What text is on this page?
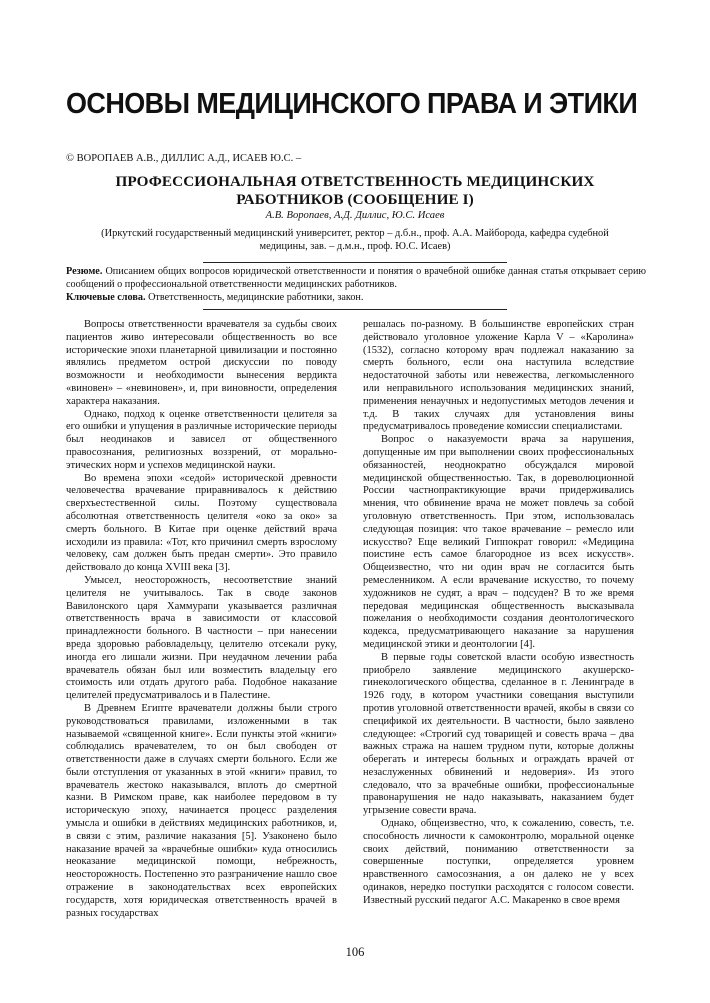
ОСНОВЫ МЕДИЦИНСКОГО ПРАВА И ЭТИКИ
© ВОРОПАЕВ А.В., ДИЛЛИС А.Д., ИСАЕВ Ю.С. –
ПРОФЕССИОНАЛЬНАЯ ОТВЕТСТВЕННОСТЬ МЕДИЦИНСКИХ
РАБОТНИКОВ (СООБЩЕНИЕ I)
А.В. Воропаев, А.Д. Диллис, Ю.С. Исаев
(Иркутский государственный медицинский университет, ректор – д.б.н., проф. А.А. Майборода, кафедра судебной медицины, зав. – д.м.н., проф. Ю.С. Исаев)
Резюме. Описанием общих вопросов юридической ответственности и понятия о врачебной ошибке данная статья открывает серию сообщений о профессиональной ответственности медицинских работников.
Ключевые слова. Ответственность, медицинские работники, закон.

Вопросы ответственности врачевателя за судьбы своих пациентов живо интересовали общественность во все исторические эпохи планетарной цивилизации и постоянно являлись предметом острой дискуссии по поводу возможности и необходимости вынесения вердикта «виновен» – «невиновен», и, при виновности, определения характера наказания.

Однако, подход к оценке ответственности целителя за его ошибки и упущения в различные исторические периоды был неодинаков и зависел от общественного правосознания, религиозных воззрений, от морально-этических норм и успехов медицинской науки.

Во времена эпохи «седой» исторической древности человечества врачевание приравнивалось к действию сверхъестественной силы. Поэтому существовала абсолютная ответственность целителя «око за око» за смерть больного. В Китае при оценке действий врача исходили из правила: «Тот, кто причинил смерть взрослому человеку, сам должен быть предан смерти». Это правило действовало до конца XVIII века [3].

Умысел, неосторожность, несоответствие знаний целителя не учитывалось. Так в своде законов Вавилонского царя Хаммурапи указывается различная ответственность врача в зависимости от классовой принадлежности больного. В частности – при нанесении вреда здоровью рабовладельцу, целителю отсекали руку, иногда его лишали жизни. При неудачном лечении раба врачеватель обязан был или возместить владельцу его стоимость или отдать другого раба. Подобное наказание целителей предусматривалось и в Палестине.

В Древнем Египте врачеватели должны были строго руководствоваться правилами, изложенными в так называемой «священной книге». Если пункты этой «книги» соблюдались врачевателем, то он был свободен от ответственности даже в случаях смерти больного. Если же были отступления от указанных в этой «книги» правил, то врачеватель жестоко наказывался, вплоть до смертной казни. В Римском праве, как наиболее передовом в ту историческую эпоху, начинается процесс разделения умысла и ошибки в действиях медицинских работников, и, в связи с этим, различие наказания [5]. Узаконено было наказание врачей за «врачебные ошибки» куда относились неоказание медицинской помощи, небрежность, неосторожность. Постепенно это разграничение нашло свое отражение в законодательствах всех европейских государств, хотя юридическая ответственность врачей в разных государствах

решалась по-разному. В большинстве европейских стран действовало уголовное уложение Карла V – «Каролина» (1532), согласно которому врач подлежал наказанию за смерть больного, если она наступила вследствие недостаточной заботы или невежества, легкомысленного или неправильного использования медицинских знаний, применения ненаучных и недопустимых методов лечения и т.д. В таких случаях для установления вины предусматривалось проведение комиссии специалистами.

Вопрос о наказуемости врача за нарушения, допущенные им при выполнении своих профессиональных обязанностей, неоднократно обсуждался мировой медицинской общественностью. Так, в дореволюционной России частнопрактикующие врачи придерживались мнения, что обвинение врача не может повлечь за собой уголовную ответственность. При этом, использовалась следующая позиция: что такое врачевание – ремесло или искусство? Еще великий Гиппократ говорил: «Медицина поистине есть самое благородное из всех искусств». Общеизвестно, что ни один врач не согласится быть ремесленником. А если врачевание искусство, то почему художников не судят, а врач – подсуден? В то же время передовая медицинская общественность высказывала пожелания о необходимости создания деонтологического кодекса, предусматривающего наказание за нарушения медицинской этики и деонтологии [4].

В первые годы советской власти особую известность приобрело заявление медицинского акушерско-гинекологического общества, сделанное в г. Ленинграде в 1926 году, в котором участники совещания выступили против уголовной ответственности врачей, якобы в связи со спецификой их деятельности. В частности, было заявлено следующее: «Строгий суд товарищей и совесть врача – два важных стража на нашем трудном пути, которые должны оберегать и интересы больных и ограждать врачей от незаслуженных обвинений и недоверия». Из этого следовало, что за врачебные ошибки, профессиональные правонарушения не надо наказывать, наказанием будет угрызение совести врача.

Однако, общеизвестно, что, к сожалению, совесть, т.е. способность личности к самоконтролю, моральной оценке своих действий, пониманию ответственности за совершенные поступки, определяется уровнем нравственного самосознания, а он далеко не у всех одинаков, нередко поступки расходятся с голосом совести. Известный русский педагог А.С. Макаренко в свое время

106
